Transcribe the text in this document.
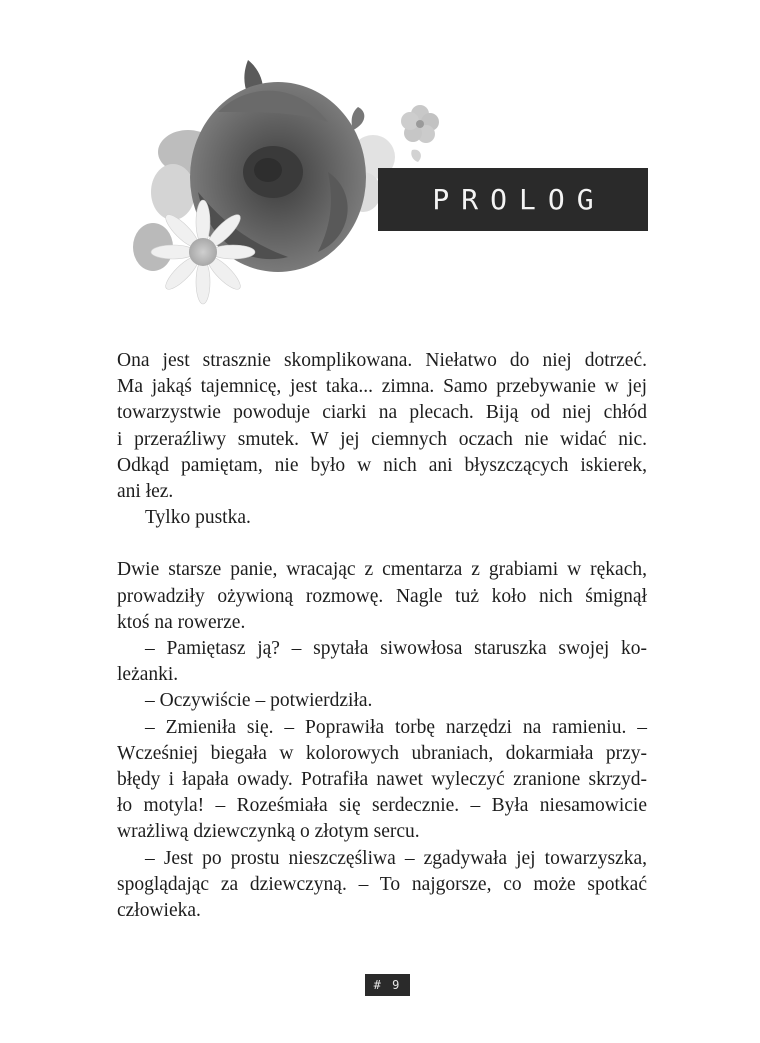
PROLOG
Ona jest strasznie skomplikowana. Niełatwo do niej dotrzeć.
Ma jakąś tajemnicę, jest taka... zimna. Samo przebywanie w jej
towarzystwie powoduje ciarki na plecach. Biją od niej chłód
i przeraźliwy smutek. W jej ciemnych oczach nie widać nic.
Odkąd pamiętam, nie było w nich ani błyszczących iskierek,
ani łez.
Tylko pustka.
Dwie starsze panie, wracając z cmentarza z grabiami w rękach,
prowadziły ożywioną rozmowę. Nagle tuż koło nich śmignął
ktoś na rowerze.
– Pamiętasz ją? – spytała siwowłosa staruszka swojej ko-
leżanki.
– Oczywiście – potwierdziła.
– Zmieniła się. – Poprawiła torbę narzędzi na ramieniu. –
Wcześniej biegała w kolorowych ubraniach, dokarmiała przy-
błędy i łapała owady. Potrafiła nawet wyleczyć zranione skrzyd-
ło motyla! – Roześmiała się serdecznie. – Była niesamowicie
wrażliwą dziewczynką o złotym sercu.
– Jest po prostu nieszczęśliwa – zgadywała jej towarzyszka,
spoglądając za dziewczyną. – To najgorsze, co może spotkać
człowieka.
# 9
